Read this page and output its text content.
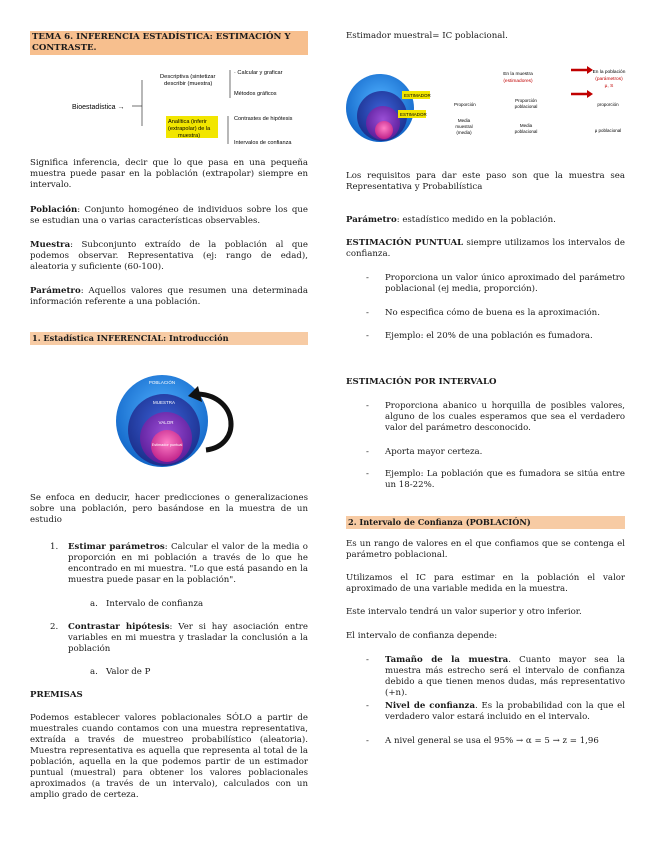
TEMA 6. INFERENCIA ESTADÍSTICA: ESTIMACIÓN Y CONTRASTE.
Bioestadística →
Descriptiva (sintetizar
describir (muestra)
Analítica (inferir
(extrapolar) de la
muestra)
· Calcular y graficar
Métodos gráficos
Contrastes de hipótesis
Intervalos de confianza

Significa inferencia, decir que lo que pasa en una pequeña muestra puede pasar en la población (extrapolar) siempre en intervalo.

Población: Conjunto homogéneo de individuos sobre los que se estudian una o varias características observables.

Muestra: Subconjunto extraído de la población al que podemos observar. Representativa (ej: rango de edad), aleatoria y suficiente (60-100).

Parámetro: Aquellos valores que resumen una determinada información referente a una población.

1. Estadística INFERENCIAL: Introducción
POBLACIÓN
MUESTRA
VALOR
Estimador puntual

Se enfoca en deducir, hacer predicciones o generalizaciones sobre una población, pero basándose en la muestra de un estudio

1. Estimar parámetros: Calcular el valor de la media o proporción en mi población a través de lo que he encontrado en mi muestra. "Lo que está pasando en la muestra puede pasar en la población".
a. Intervalo de confianza
2. Contrastar hipótesis: Ver si hay asociación entre variables en mi muestra y trasladar la conclusión a la población
a. Valor de P
PREMISAS

Podemos establecer valores poblacionales SÓLO a partir de muestrales cuando contamos con una muestra representativa, extraída a través de muestreo probabilístico (aleatoria). Muestra representativa es aquella que representa al total de la población, aquella en la que podemos partir de un estimador puntual (muestral) para obtener los valores poblacionales aproximados (a través de un intervalo), calculados con un amplio grado de certeza.

Estimador muestral= IC poblacional.

ESTIMADOR
ESTIMADOR
En la muestra
(estimadores)
En la población
(parámetros)
μ, S
Proporción
Proporción
poblacional	proporción
Media
muestral
(media)
Media
poblacional	μ poblacional

Los requisitos para dar este paso son que la muestra sea Representativa y Probabilística

Parámetro: estadístico medido en la población.

ESTIMACIÓN PUNTUAL siempre utilizamos los intervalos de confianza.

- Proporciona un valor único aproximado del parámetro poblacional (ej media, proporción).
- No especifica cómo de buena es la aproximación.
- Ejemplo: el 20% de una población es fumadora.
ESTIMACIÓN POR INTERVALO
- Proporciona abanico u horquilla de posibles valores, alguno de los cuales esperamos que sea el verdadero valor del parámetro desconocido.
- Aporta mayor certeza.
- Ejemplo: La población que es fumadora se sitúa entre un 18-22%.
2. Intervalo de Confianza (POBLACIÓN)

Es un rango de valores en el que confiamos que se contenga el parámetro poblacional.

Utilizamos el IC para estimar en la población el valor aproximado de una variable medida en la muestra.

Este intervalo tendrá un valor superior y otro inferior.

El intervalo de confianza depende:

- Tamaño de la muestra. Cuanto mayor sea la muestra más estrecho será el intervalo de confianza debido a que tienen menos dudas, más representativo (+n).
- Nivel de confianza. Es la probabilidad con la que el verdadero valor estará incluido en el intervalo.
- A nivel general se usa el 95% → α = 5 → z = 1,96
